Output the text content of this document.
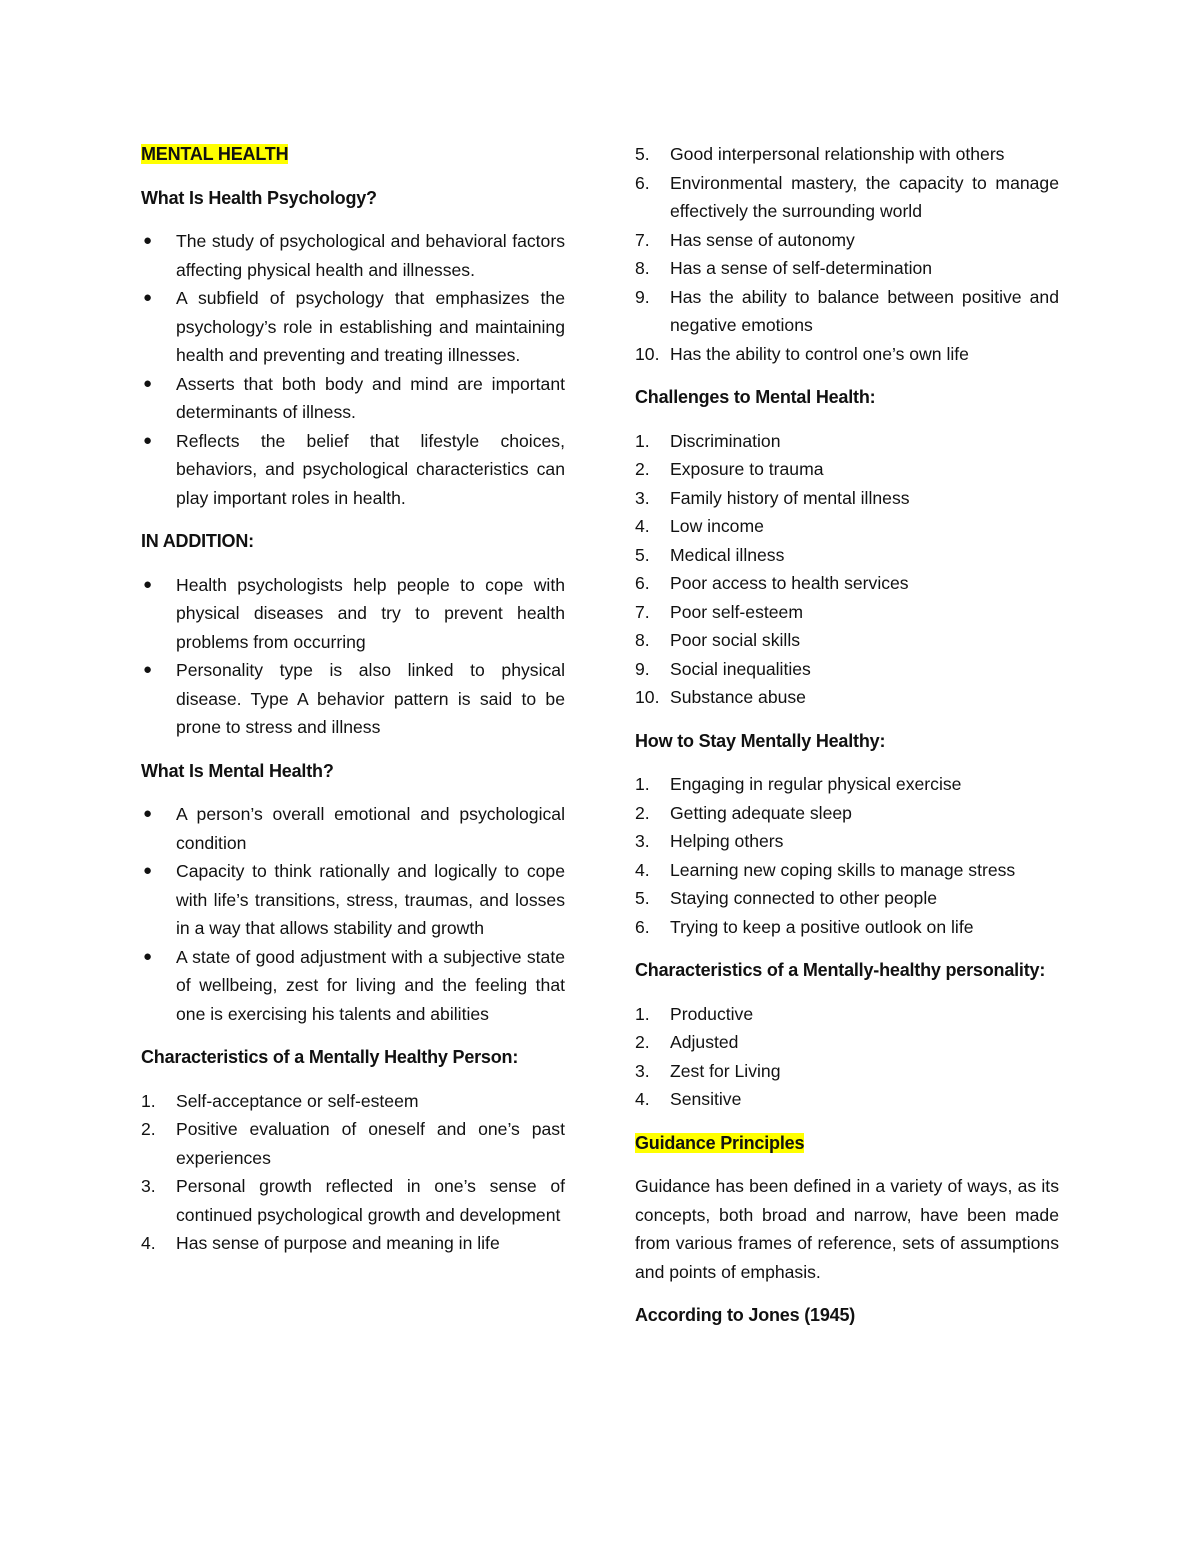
MENTAL HEALTH

What Is Health Psychology?

● The study of psychological and behavioral factors affecting physical health and illnesses.
● A subfield of psychology that emphasizes the psychology’s role in establishing and maintaining health and preventing and treating illnesses.
● Asserts that both body and mind are important determinants of illness.
● Reflects the belief that lifestyle choices, behaviors, and psychological characteristics can play important roles in health.

IN ADDITION:

● Health psychologists help people to cope with physical diseases and try to prevent health problems from occurring
● Personality type is also linked to physical disease. Type A behavior pattern is said to be prone to stress and illness

What Is Mental Health?

● A person’s overall emotional and psychological condition
● Capacity to think rationally and logically to cope with life’s transitions, stress, traumas, and losses in a way that allows stability and growth
● A state of good adjustment with a subjective state of wellbeing, zest for living and the feeling that one is exercising his talents and abilities

Characteristics of a Mentally Healthy Person:

1. Self-acceptance or self-esteem
2. Positive evaluation of oneself and one’s past experiences
3. Personal growth reflected in one’s sense of continued psychological growth and development
4. Has sense of purpose and meaning in life
5. Good interpersonal relationship with others
6. Environmental mastery, the capacity to manage effectively the surrounding world
7. Has sense of autonomy
8. Has a sense of self-determination
9. Has the ability to balance between positive and negative emotions
10. Has the ability to control one’s own life

Challenges to Mental Health:

1. Discrimination
2. Exposure to trauma
3. Family history of mental illness
4. Low income
5. Medical illness
6. Poor access to health services
7. Poor self-esteem
8. Poor social skills
9. Social inequalities
10. Substance abuse

How to Stay Mentally Healthy:

1. Engaging in regular physical exercise
2. Getting adequate sleep
3. Helping others
4. Learning new coping skills to manage stress
5. Staying connected to other people
6. Trying to keep a positive outlook on life

Characteristics of a Mentally-healthy personality:

1. Productive
2. Adjusted
3. Zest for Living
4. Sensitive

Guidance Principles

Guidance has been defined in a variety of ways, as its concepts, both broad and narrow, have been made from various frames of reference, sets of assumptions and points of emphasis.

According to Jones (1945)
